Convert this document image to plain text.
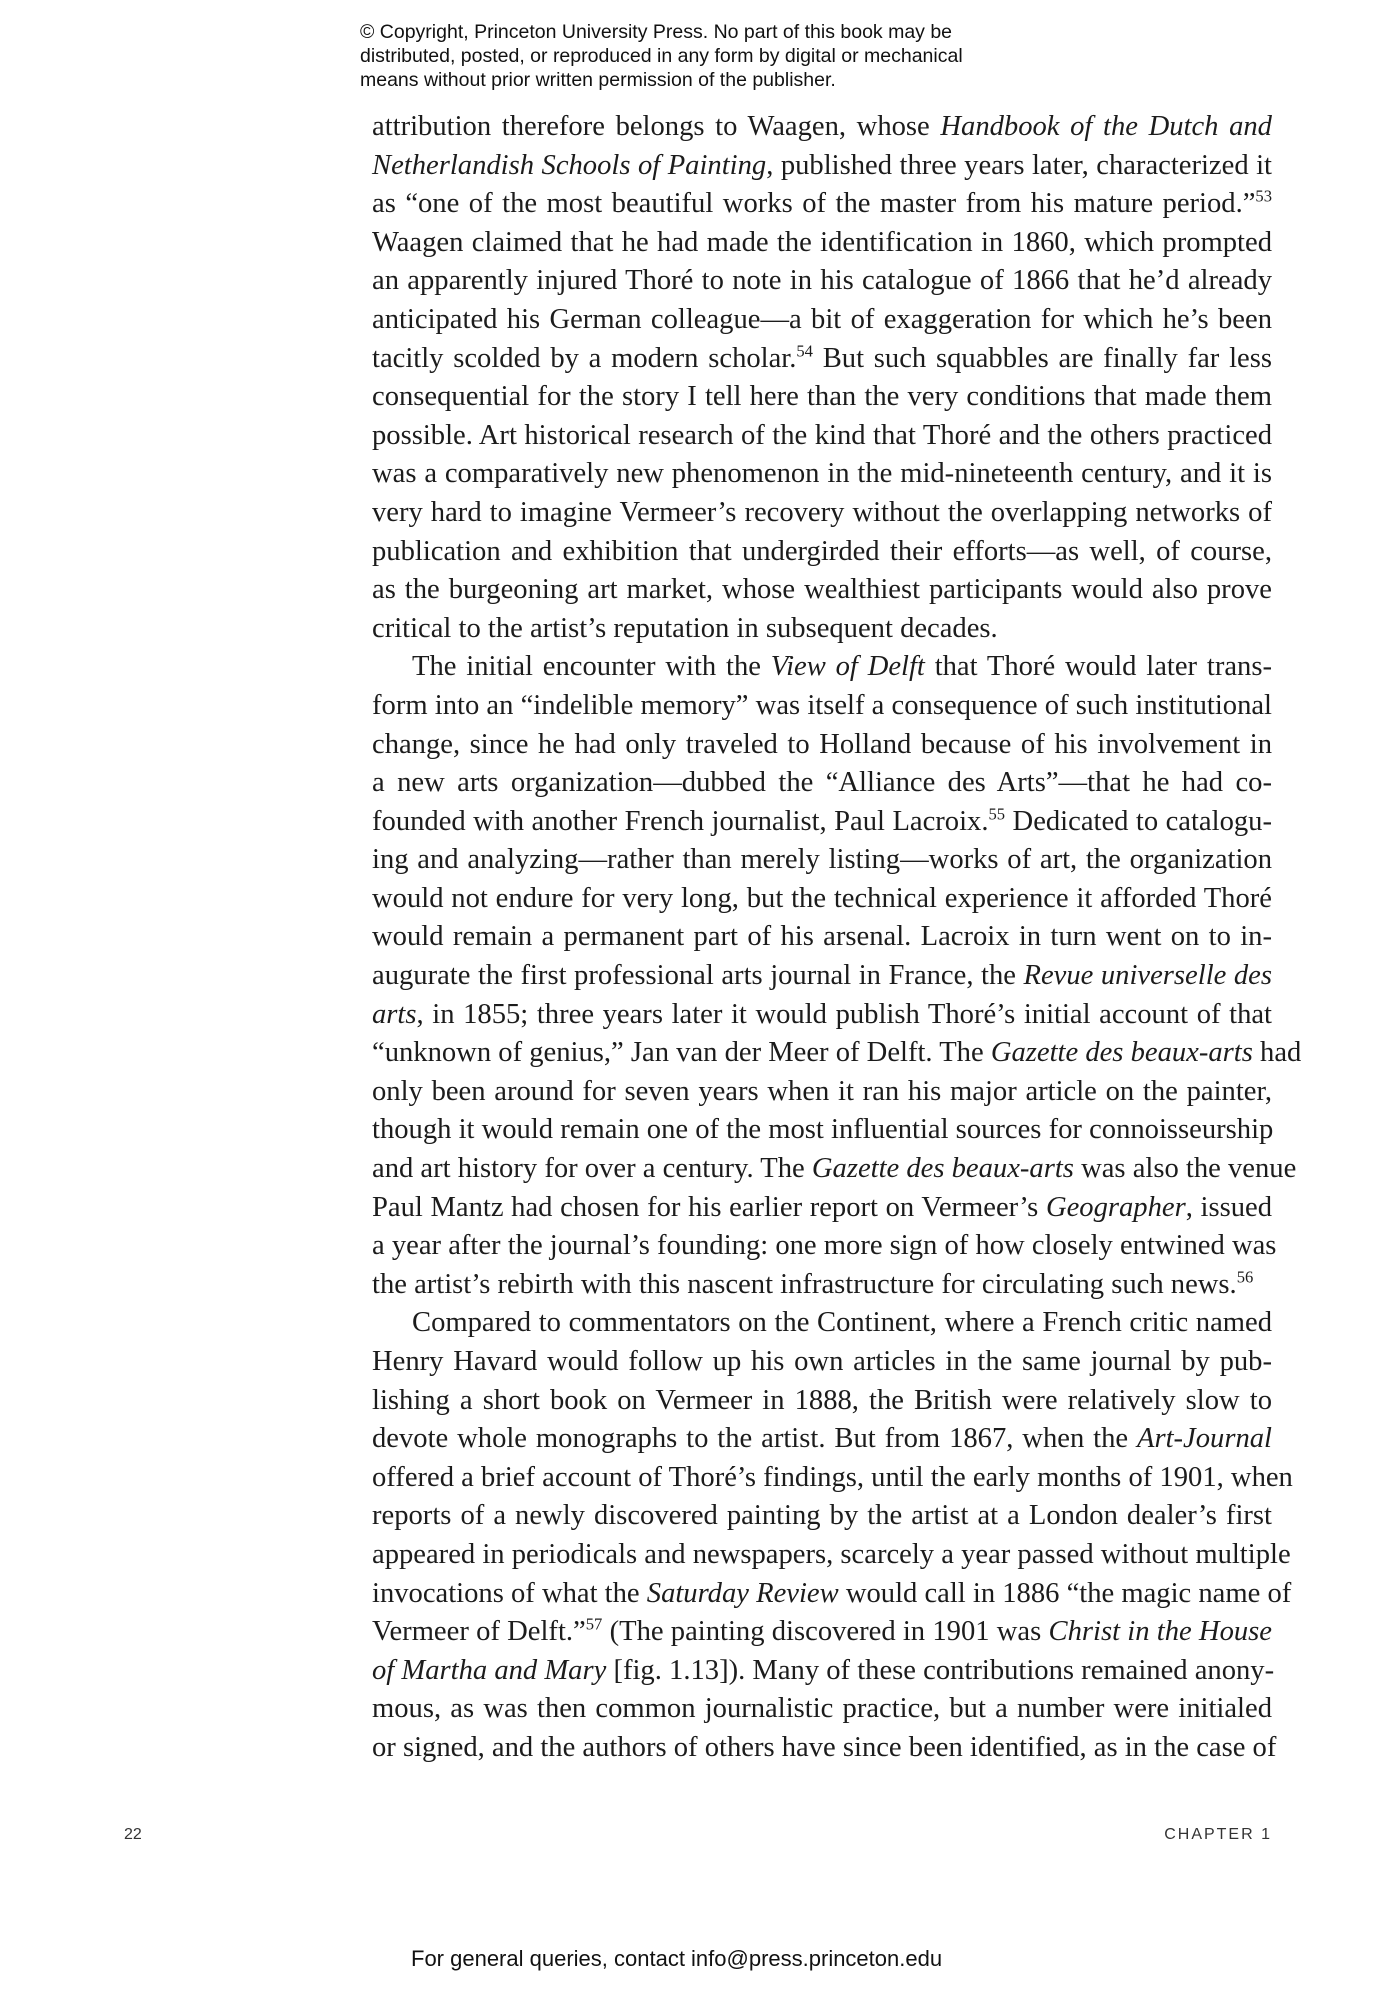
© Copyright, Princeton University Press. No part of this book may be
distributed, posted, or reproduced in any form by digital or mechanical
means without prior written permission of the publisher.

attribution therefore belongs to Waagen, whose Handbook of the Dutch and
Netherlandish Schools of Painting, published three years later, characterized it
as “one of the most beautiful works of the master from his mature period.”$^{53}$
Waagen claimed that he had made the identification in 1860, which prompted
an apparently injured Thoré to note in his catalogue of 1866 that he’d already
anticipated his German colleague—a bit of exaggeration for which he’s been
tacitly scolded by a modern scholar.$^{54}$ But such squabbles are finally far less
consequential for the story I tell here than the very conditions that made them
possible. Art historical research of the kind that Thoré and the others practiced
was a comparatively new phenomenon in the mid-nineteenth century, and it is
very hard to imagine Vermeer’s recovery without the overlapping networks of
publication and exhibition that undergirded their efforts—as well, of course,
as the burgeoning art market, whose wealthiest participants would also prove
critical to the artist’s reputation in subsequent decades.

The initial encounter with the View of Delft that Thoré would later trans-
form into an “indelible memory” was itself a consequence of such institutional
change, since he had only traveled to Holland because of his involvement in
a new arts organization—dubbed the “Alliance des Arts”—that he had co-
founded with another French journalist, Paul Lacroix.$^{55}$ Dedicated to catalogu-
ing and analyzing—rather than merely listing—works of art, the organization
would not endure for very long, but the technical experience it afforded Thoré
would remain a permanent part of his arsenal. Lacroix in turn went on to in-
augurate the first professional arts journal in France, the Revue universelle des
arts, in 1855; three years later it would publish Thoré’s initial account of that
“unknown of genius,” Jan van der Meer of Delft. The Gazette des beaux-arts had
only been around for seven years when it ran his major article on the painter,
though it would remain one of the most influential sources for connoisseurship
and art history for over a century. The Gazette des beaux-arts was also the venue
Paul Mantz had chosen for his earlier report on Vermeer’s Geographer, issued
a year after the journal’s founding: one more sign of how closely entwined was
the artist’s rebirth with this nascent infrastructure for circulating such news.$^{56}$

Compared to commentators on the Continent, where a French critic named
Henry Havard would follow up his own articles in the same journal by pub-
lishing a short book on Vermeer in 1888, the British were relatively slow to
devote whole monographs to the artist. But from 1867, when the Art-Journal
offered a brief account of Thoré’s findings, until the early months of 1901, when
reports of a newly discovered painting by the artist at a London dealer’s first
appeared in periodicals and newspapers, scarcely a year passed without multiple
invocations of what the Saturday Review would call in 1886 “the magic name of
Vermeer of Delft.”$^{57}$ (The painting discovered in 1901 was Christ in the House
of Martha and Mary [fig. 1.13]). Many of these contributions remained anony-
mous, as was then common journalistic practice, but a number were initialed
or signed, and the authors of others have since been identified, as in the case of

22	CHAPTER 1
For general queries, contact info@press.princeton.edu
